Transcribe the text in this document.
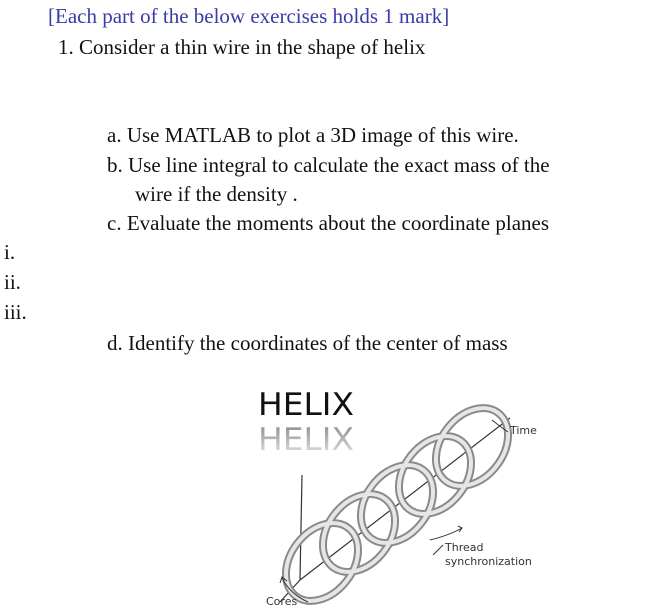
[Each part of the below exercises holds 1 mark]
1. Consider a thin wire in the shape of helix
a. Use MATLAB to plot a 3D image of this wire.
b. Use line integral to calculate the exact mass of the
wire if the density .
c. Evaluate the moments about the coordinate planes
i.
ii.
iii.
d. Identify the coordinates of the center of mass
HELIX
HELIX	Time
Thread
synchronization
Cores
